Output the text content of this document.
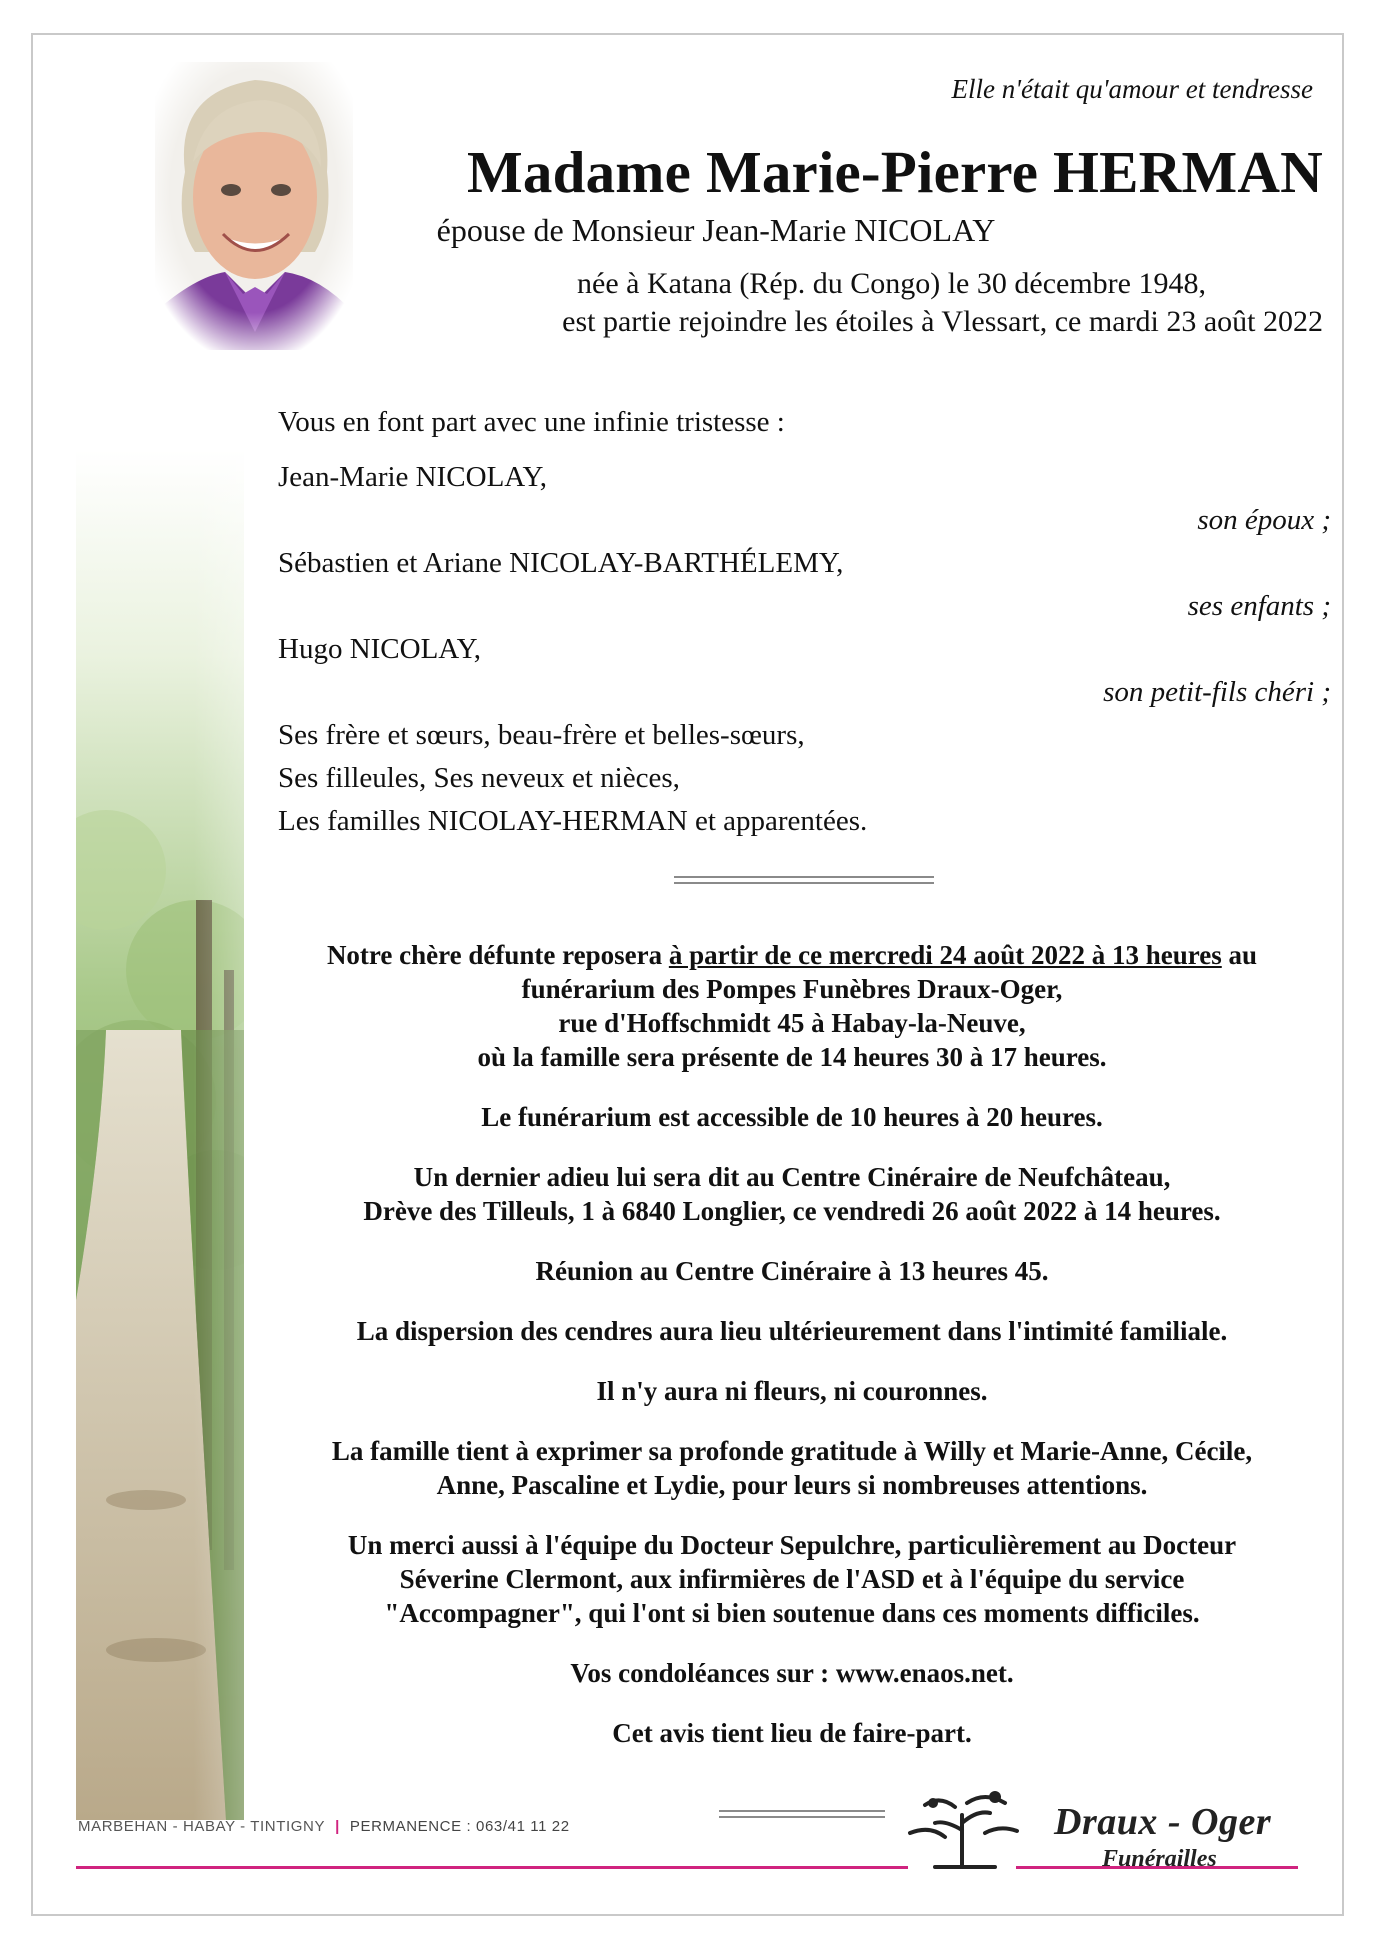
Elle n'était qu'amour et tendresse
Madame Marie-Pierre HERMAN
épouse de Monsieur Jean-Marie NICOLAY
née à Katana (Rép. du Congo) le 30 décembre 1948,
est partie rejoindre les étoiles à Vlessart, ce mardi 23 août 2022
Vous en font part avec une infinie tristesse :
Jean-Marie NICOLAY,
son époux ;
Sébastien et Ariane NICOLAY-BARTHÉLEMY,
ses enfants ;
Hugo NICOLAY,
son petit-fils chéri ;
Ses frère et sœurs, beau-frère et belles-sœurs,
Ses filleules, Ses neveux et nièces,
Les familles NICOLAY-HERMAN et apparentées.

Notre chère défunte reposera à partir de ce mercredi 24 août 2022 à 13 heures au
funérarium des Pompes Funèbres Draux-Oger,
rue d'Hoffschmidt 45 à Habay-la-Neuve,
où la famille sera présente de 14 heures 30 à 17 heures.

Le funérarium est accessible de 10 heures à 20 heures.

Un dernier adieu lui sera dit au Centre Cinéraire de Neufchâteau,
Drève des Tilleuls, 1 à 6840 Longlier, ce vendredi 26 août 2022 à 14 heures.

Réunion au Centre Cinéraire à 13 heures 45.

La dispersion des cendres aura lieu ultérieurement dans l'intimité familiale.

Il n'y aura ni fleurs, ni couronnes.

La famille tient à exprimer sa profonde gratitude à Willy et Marie-Anne, Cécile,
Anne, Pascaline et Lydie, pour leurs si nombreuses attentions.

Un merci aussi à l'équipe du Docteur Sepulchre, particulièrement au Docteur
Séverine Clermont, aux infirmières de l'ASD et à l'équipe du service
"Accompagner", qui l'ont si bien soutenue dans ces moments difficiles.

Vos condoléances sur : www.enaos.net.

Cet avis tient lieu de faire-part.

MARBEHAN - HABAY - TINTIGNY | PERMANENCE : 063/41 11 22	Draux - Oger
Funérailles
